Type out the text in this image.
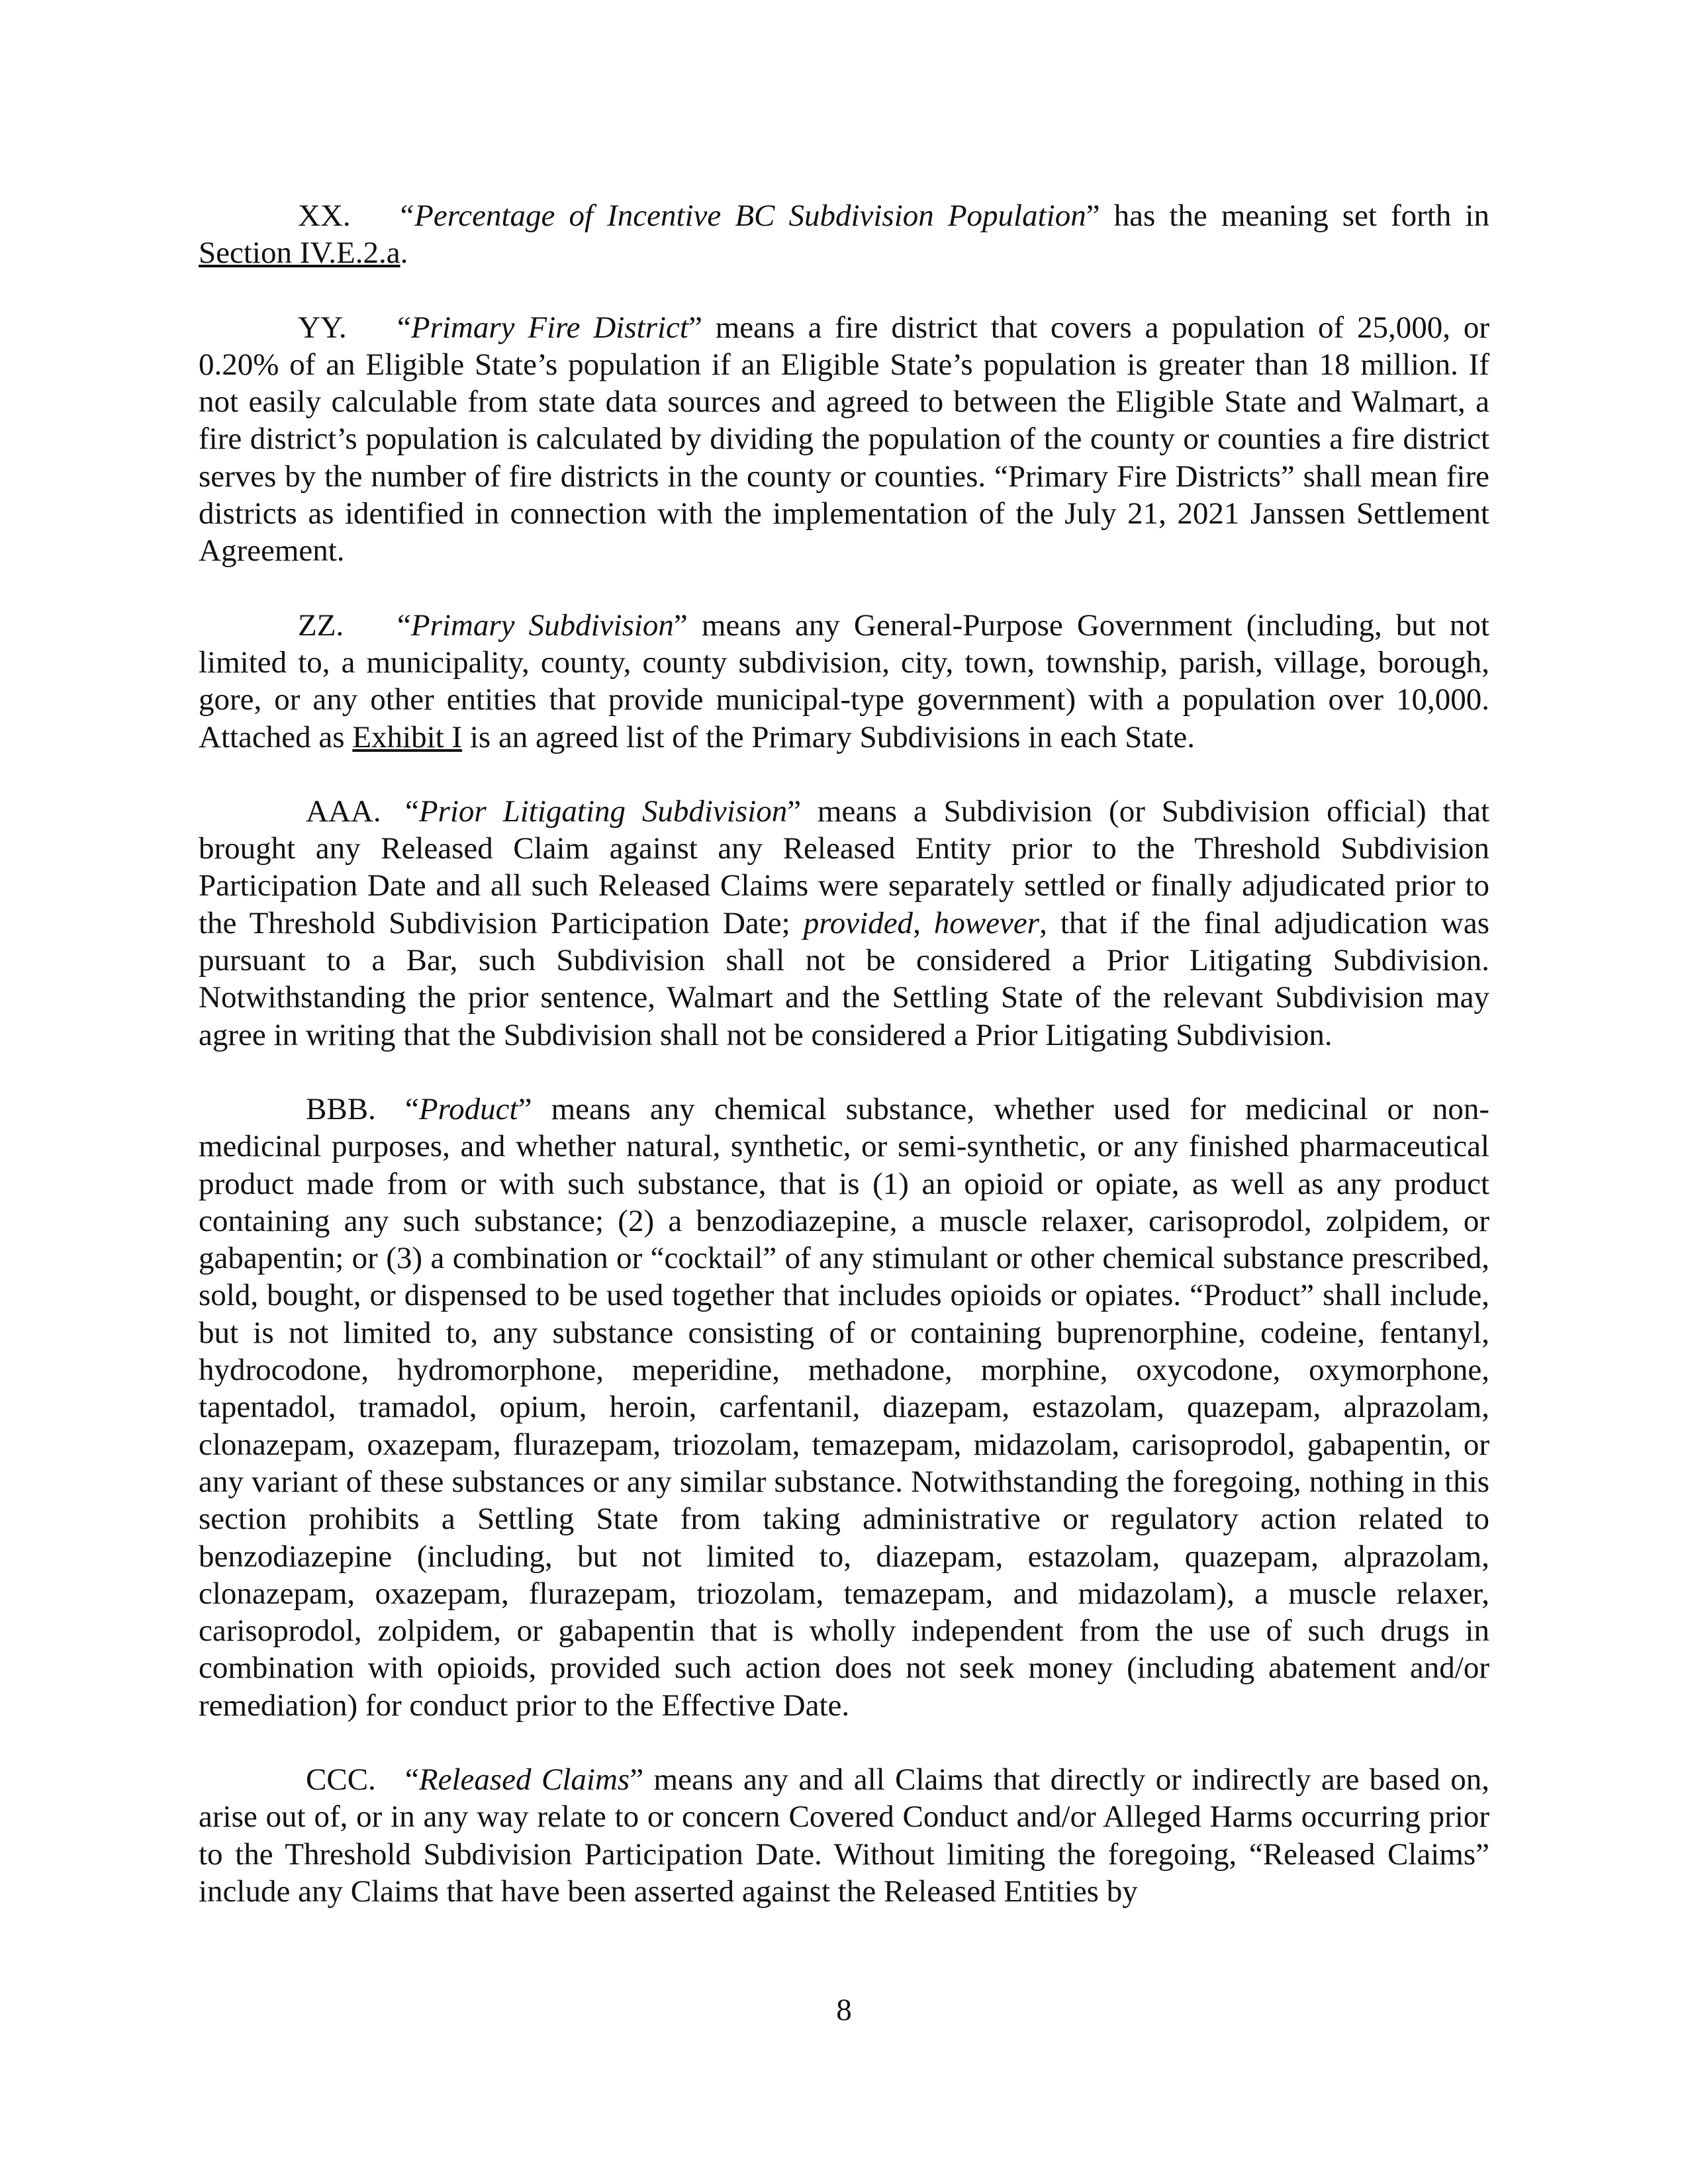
XX. “Percentage of Incentive BC Subdivision Population” has the meaning set forth in Section IV.E.2.a.

YY. “Primary Fire District” means a fire district that covers a population of 25,000, or 0.20% of an Eligible State’s population if an Eligible State’s population is greater than 18 million. If not easily calculable from state data sources and agreed to between the Eligible State and Walmart, a fire district’s population is calculated by dividing the population of the county or counties a fire district serves by the number of fire districts in the county or counties. “Primary Fire Districts” shall mean fire districts as identified in connection with the implementation of the July 21, 2021 Janssen Settlement Agreement.

ZZ. “Primary Subdivision” means any General-Purpose Government (including, but not limited to, a municipality, county, county subdivision, city, town, township, parish, village, borough, gore, or any other entities that provide municipal-type government) with a population over 10,000. Attached as Exhibit I is an agreed list of the Primary Subdivisions in each State.

AAA. “Prior Litigating Subdivision” means a Subdivision (or Subdivision official) that brought any Released Claim against any Released Entity prior to the Threshold Subdivision Participation Date and all such Released Claims were separately settled or finally adjudicated prior to the Threshold Subdivision Participation Date; provided, however, that if the final adjudication was pursuant to a Bar, such Subdivision shall not be considered a Prior Litigating Subdivision. Notwithstanding the prior sentence, Walmart and the Settling State of the relevant Subdivision may agree in writing that the Subdivision shall not be considered a Prior Litigating Subdivision.

BBB. “Product” means any chemical substance, whether used for medicinal or non-medicinal purposes, and whether natural, synthetic, or semi-synthetic, or any finished pharmaceutical product made from or with such substance, that is (1) an opioid or opiate, as well as any product containing any such substance; (2) a benzodiazepine, a muscle relaxer, carisoprodol, zolpidem, or gabapentin; or (3) a combination or “cocktail” of any stimulant or other chemical substance prescribed, sold, bought, or dispensed to be used together that includes opioids or opiates. “Product” shall include, but is not limited to, any substance consisting of or containing buprenorphine, codeine, fentanyl, hydrocodone, hydromorphone, meperidine, methadone, morphine, oxycodone, oxymorphone, tapentadol, tramadol, opium, heroin, carfentanil, diazepam, estazolam, quazepam, alprazolam, clonazepam, oxazepam, flurazepam, triozolam, temazepam, midazolam, carisoprodol, gabapentin, or any variant of these substances or any similar substance. Notwithstanding the foregoing, nothing in this section prohibits a Settling State from taking administrative or regulatory action related to benzodiazepine (including, but not limited to, diazepam, estazolam, quazepam, alprazolam, clonazepam, oxazepam, flurazepam, triozolam, temazepam, and midazolam), a muscle relaxer, carisoprodol, zolpidem, or gabapentin that is wholly independent from the use of such drugs in combination with opioids, provided such action does not seek money (including abatement and/or remediation) for conduct prior to the Effective Date.

CCC. “Released Claims” means any and all Claims that directly or indirectly are based on, arise out of, or in any way relate to or concern Covered Conduct and/or Alleged Harms occurring prior to the Threshold Subdivision Participation Date. Without limiting the foregoing, “Released Claims” include any Claims that have been asserted against the Released Entities by

8
